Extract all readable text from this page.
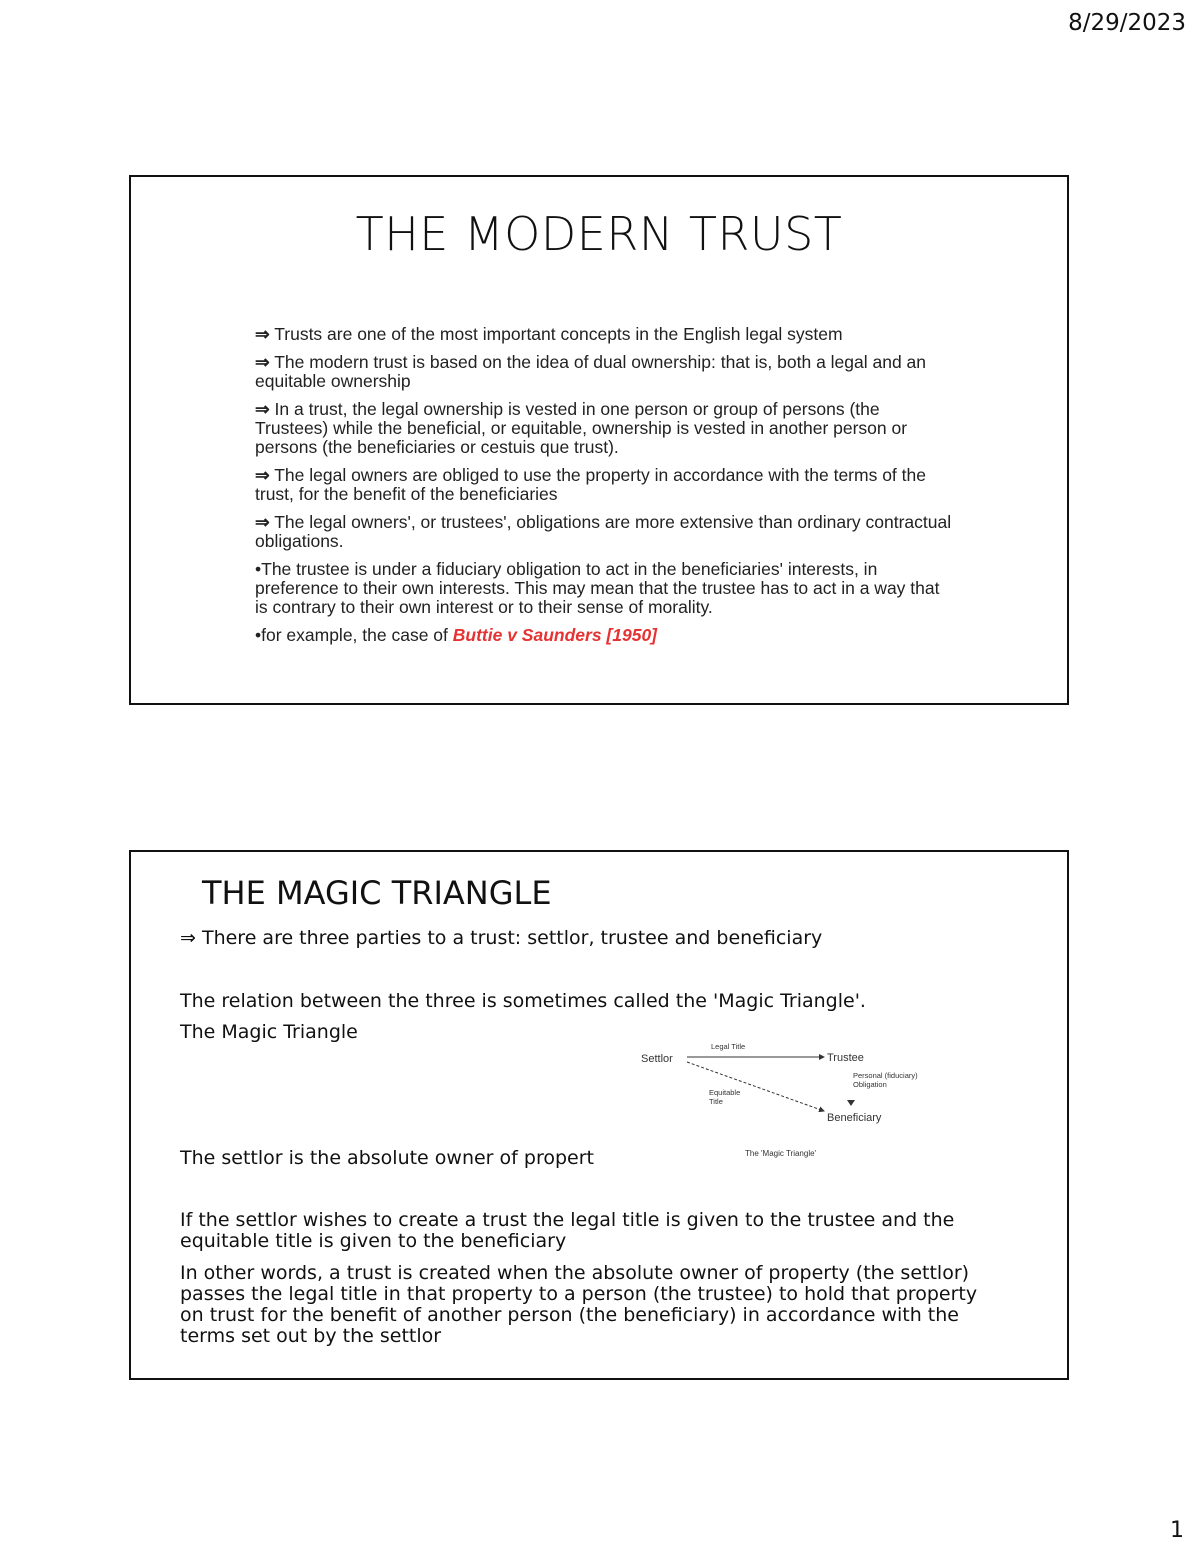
8/29/2023
THE MODERN TRUST

⇒ Trusts are one of the most important concepts in the English legal system

⇒ The modern trust is based on the idea of dual ownership: that is, both a legal and an equitable ownership

⇒ In a trust, the legal ownership is vested in one person or group of persons (the Trustees) while the beneficial, or equitable, ownership is vested in another person or persons (the beneficiaries or cestuis que trust).

⇒ The legal owners are obliged to use the property in accordance with the terms of the trust, for the benefit of the beneficiaries

⇒ The legal owners', or trustees', obligations are more extensive than ordinary contractual obligations.

•The trustee is under a fiduciary obligation to act in the beneficiaries' interests, in preference to their own interests. This may mean that the trustee has to act in a way that is contrary to their own interest or to their sense of morality.

•for example, the case of Buttie v Saunders [1950]

THE MAGIC TRIANGLE
⇒ There are three parties to a trust: settlor, trustee and beneficiary
The relation between the three is sometimes called the 'Magic Triangle'.
The Magic Triangle
The settlor is the absolute owner of propert
If the settlor wishes to create a trust the legal title is given to the trustee and the equitable title is given to the beneficiary
In other words, a trust is created when the absolute owner of property (the settlor) passes the legal title in that property to a person (the trustee) to hold that property on trust for the benefit of another person (the beneficiary) in accordance with the terms set out by the settlor
Settlor	Trustee
Beneficiary
Legal Title
Equitable
Title
Personal (fiduciary)
Obligation
The 'Magic Triangle'
1
